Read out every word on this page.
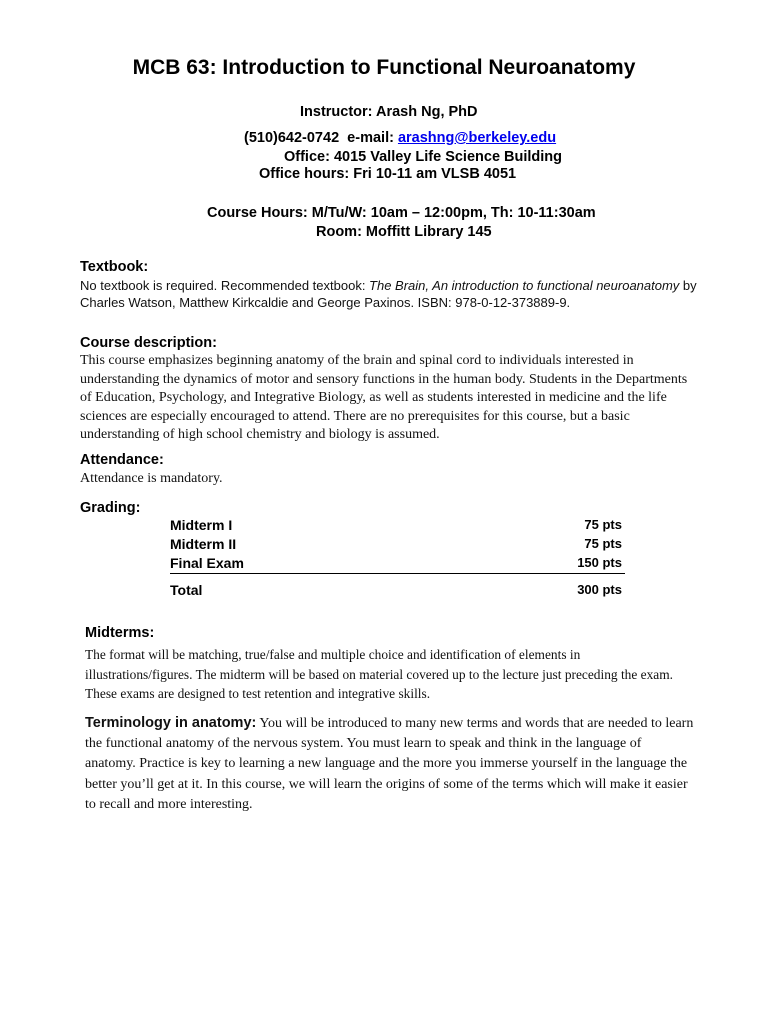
MCB 63: Introduction to Functional Neuroanatomy
Instructor: Arash Ng, PhD
(510)642-0742  e-mail: arashng@berkeley.edu
Office: 4015 Valley Life Science Building
Office hours: Fri 10-11 am VLSB 4051
Course Hours: M/Tu/W: 10am – 12:00pm, Th: 10-11:30am
Room: Moffitt Library 145
Textbook:
No textbook is required. Recommended textbook: The Brain, An introduction to functional neuroanatomy by Charles Watson, Matthew Kirkcaldie and George Paxinos. ISBN: 978-0-12-373889-9.
Course description:
This course emphasizes beginning anatomy of the brain and spinal cord to individuals interested in understanding the dynamics of motor and sensory functions in the human body. Students in the Departments of Education, Psychology, and Integrative Biology, as well as students interested in medicine and the life sciences are especially encouraged to attend. There are no prerequisites for this course, but a basic understanding of high school chemistry and biology is assumed.
Attendance:
Attendance is mandatory.
Grading:
Midterm I	75 pts
Midterm II	75 pts
Final Exam	150 pts
Total	300 pts
Midterms:
The format will be matching, true/false and multiple choice and identification of elements in illustrations/figures. The midterm will be based on material covered up to the lecture just preceding the exam. These exams are designed to test retention and integrative skills.
Terminology in anatomy: You will be introduced to many new terms and words that are needed to learn the functional anatomy of the nervous system. You must learn to speak and think in the language of anatomy. Practice is key to learning a new language and the more you immerse yourself in the language the better you’ll get at it. In this course, we will learn the origins of some of the terms which will make it easier to recall and more interesting.
